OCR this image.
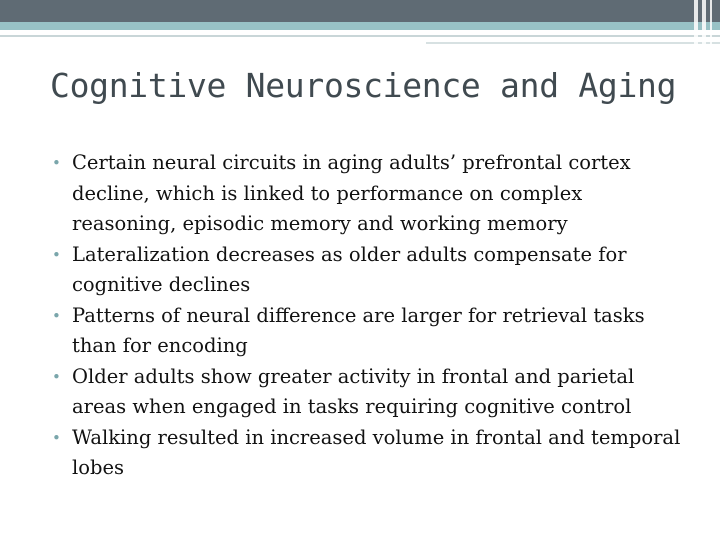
Cognitive Neuroscience and Aging
• Certain neural circuits in aging adults’ prefrontal cortex decline, which is linked to performance on complex reasoning, episodic memory and working memory
• Lateralization decreases as older adults compensate for cognitive declines
• Patterns of neural difference are larger for retrieval tasks than for encoding
• Older adults show greater activity in frontal and parietal areas when engaged in tasks requiring cognitive control
• Walking resulted in increased volume in frontal and temporal lobes
